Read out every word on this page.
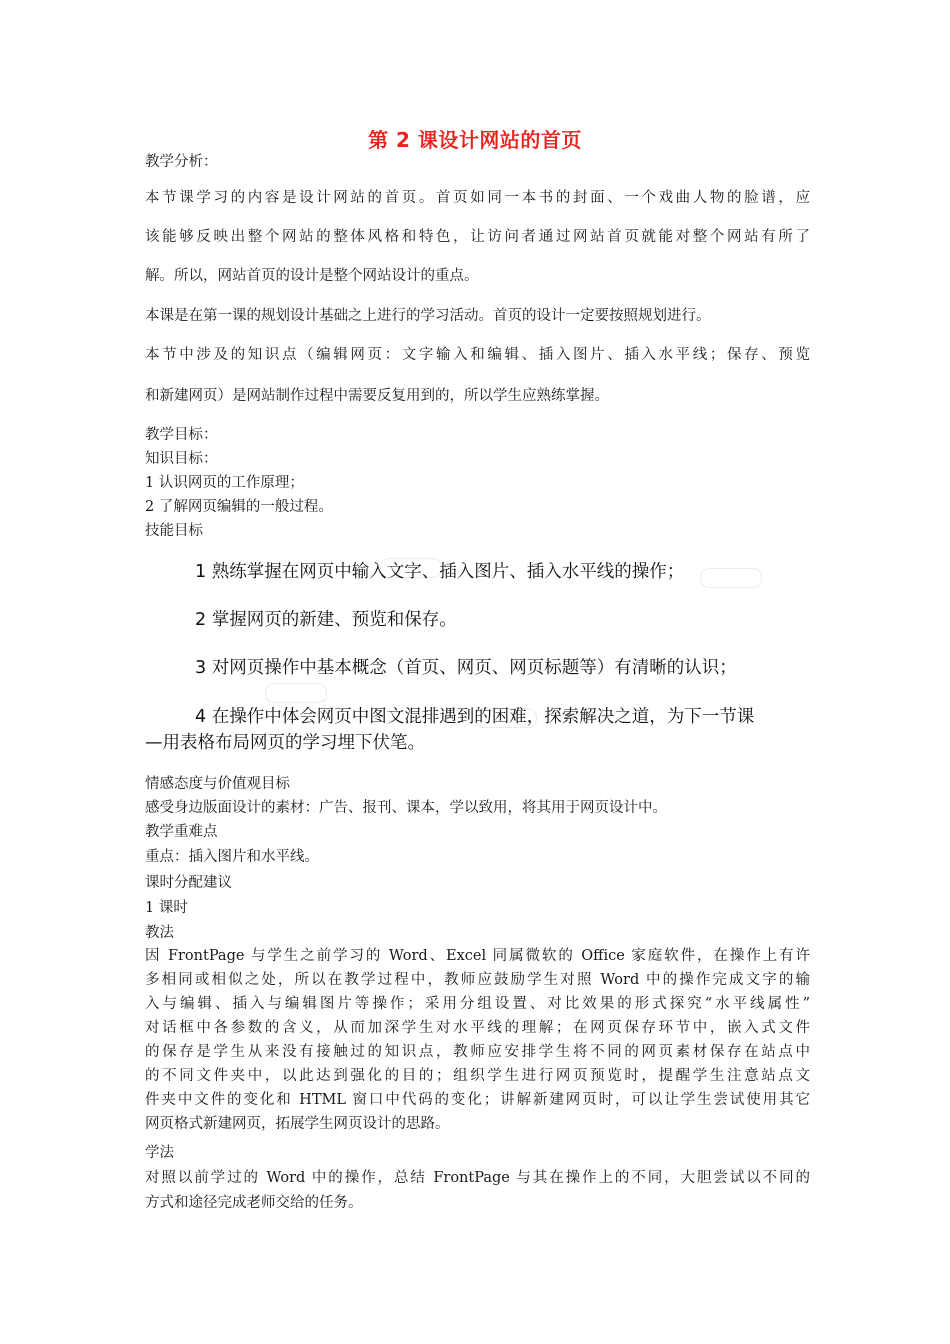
第 2 课设计网站的首页
教学分析：
本节课学习的内容是设计网站的首页。首页如同一本书的封面、一个戏曲人物的脸谱，应
该能够反映出整个网站的整体风格和特色，让访问者通过网站首页就能对整个网站有所了
解。所以，网站首页的设计是整个网站设计的重点。
本课是在第一课的规划设计基础之上进行的学习活动。首页的设计一定要按照规划进行。
本节中涉及的知识点（编辑网页：文字输入和编辑、插入图片、插入水平线；保存、预览
和新建网页）是网站制作过程中需要反复用到的，所以学生应熟练掌握。
教学目标：
知识目标：
1 认识网页的工作原理；
2 了解网页编辑的一般过程。
技能目标
1 熟练掌握在网页中输入文字、插入图片、插入水平线的操作；
2 掌握网页的新建、预览和保存。
3 对网页操作中基本概念（首页、网页、网页标题等）有清晰的认识；
4 在操作中体会网页中图文混排遇到的困难，探索解决之道，为下一节课
—用表格布局网页的学习埋下伏笔。
情感态度与价值观目标
感受身边版面设计的素材：广告、报刊、课本，学以致用，将其用于网页设计中。
教学重难点
重点：插入图片和水平线。
课时分配建议
1 课时
教法
因 FrontPage 与学生之前学习的 Word、Excel 同属微软的 Office 家庭软件，在操作上有许
多相同或相似之处，所以在教学过程中，教师应鼓励学生对照 Word 中的操作完成文字的输
入与编辑、插入与编辑图片等操作；采用分组设置、对比效果的形式探究“水平线属性”
对话框中各参数的含义，从而加深学生对水平线的理解；在网页保存环节中，嵌入式文件
的保存是学生从来没有接触过的知识点，教师应安排学生将不同的网页素材保存在站点中
的不同文件夹中，以此达到强化的目的；组织学生进行网页预览时，提醒学生注意站点文
件夹中文件的变化和 HTML 窗口中代码的变化；讲解新建网页时，可以让学生尝试使用其它
网页格式新建网页，拓展学生网页设计的思路。
学法
对照以前学过的 Word 中的操作，总结 FrontPage 与其在操作上的不同，大胆尝试以不同的
方式和途径完成老师交给的任务。
